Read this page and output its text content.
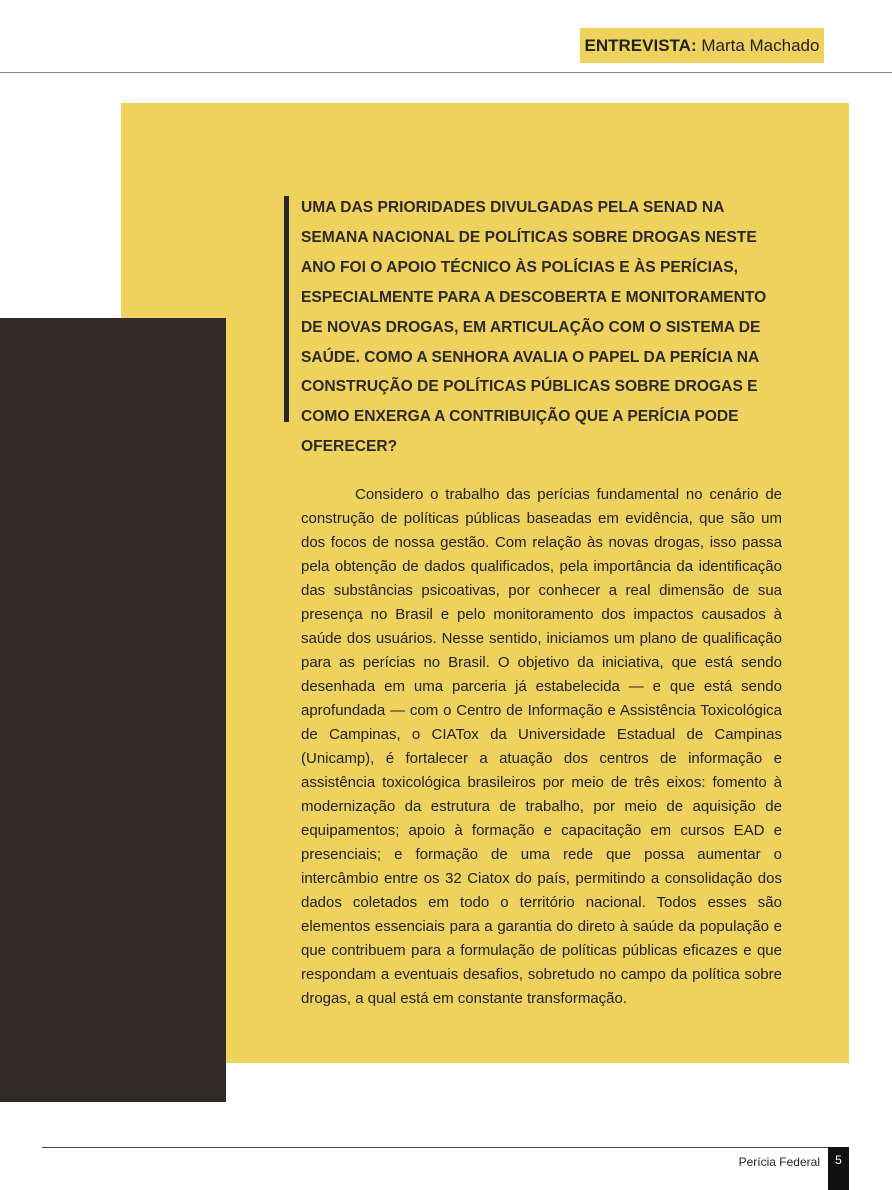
ENTREVISTA: Marta Machado

UMA DAS PRIORIDADES DIVULGADAS PELA SENAD NA SEMANA NACIONAL DE POLÍTICAS SOBRE DROGAS NESTE ANO FOI O APOIO TÉCNICO ÀS POLÍCIAS E ÀS PERÍCIAS, ESPECIALMENTE PARA A DESCOBERTA E MONITORAMENTO DE NOVAS DROGAS, EM ARTICULAÇÃO COM O SISTEMA DE SAÚDE. COMO A SENHORA AVALIA O PAPEL DA PERÍCIA NA CONSTRUÇÃO DE POLÍTICAS PÚBLICAS SOBRE DROGAS E COMO ENXERGA A CONTRIBUIÇÃO QUE A PERÍCIA PODE OFERECER?

Considero o trabalho das perícias fundamental no cenário de construção de políticas públicas baseadas em evidência, que são um dos focos de nossa gestão. Com relação às novas drogas, isso passa pela obtenção de dados qualificados, pela importância da identificação das substâncias psicoativas, por conhecer a real dimensão de sua presença no Brasil e pelo monitoramento dos impactos causados à saúde dos usuários. Nesse sentido, iniciamos um plano de qualificação para as perícias no Brasil. O objetivo da iniciativa, que está sendo desenhada em uma parceria já estabelecida — e que está sendo aprofundada — com o Centro de Informação e Assistência Toxicológica de Campinas, o CIATox da Universidade Estadual de Campinas (Unicamp), é fortalecer a atuação dos centros de informação e assistência toxicológica brasileiros por meio de três eixos: fomento à modernização da estrutura de trabalho, por meio de aquisição de equipamentos; apoio à formação e capacitação em cursos EAD e presenciais; e formação de uma rede que possa aumentar o intercâmbio entre os 32 Ciatox do país, permitindo a consolidação dos dados coletados em todo o território nacional. Todos esses são elementos essenciais para a garantia do direto à saúde da população e que contribuem para a formulação de políticas públicas eficazes e que respondam a eventuais desafios, sobretudo no campo da política sobre drogas, a qual está em constante transformação.

Perícia Federal	5
